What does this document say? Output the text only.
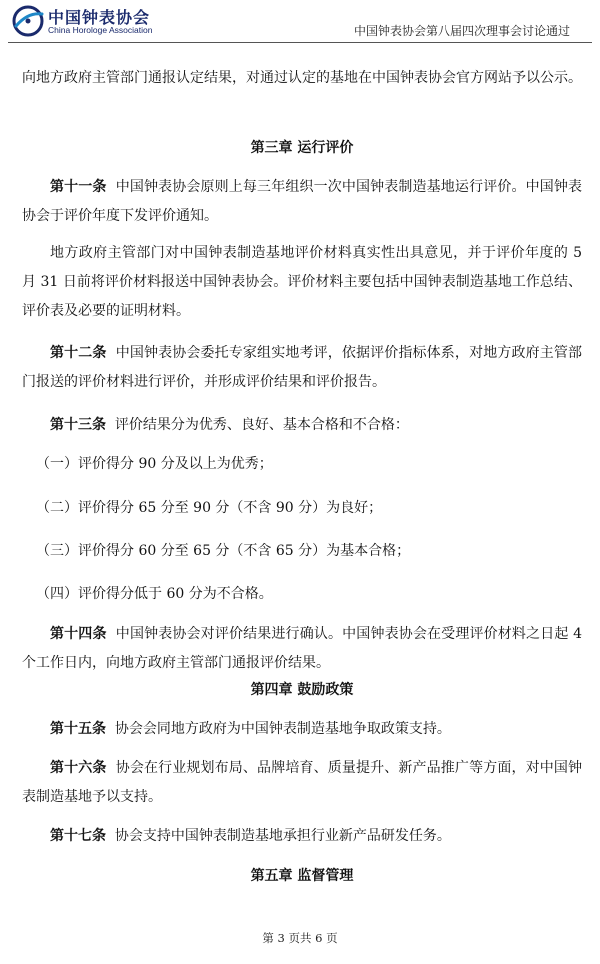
中国钟表协会
China Horologe Association	中国钟表协会第八届四次理事会讨论通过

向地方政府主管部门通报认定结果，对通过认定的基地在中国钟表协会官方网站予以公示。

第三章 运行评价

第十一条 中国钟表协会原则上每三年组织一次中国钟表制造基地运行评价。中国钟表协会于评价年度下发评价通知。

地方政府主管部门对中国钟表制造基地评价材料真实性出具意见，并于评价年度的 5 月 31 日前将评价材料报送中国钟表协会。评价材料主要包括中国钟表制造基地工作总结、评价表及必要的证明材料。

第十二条 中国钟表协会委托专家组实地考评，依据评价指标体系，对地方政府主管部门报送的评价材料进行评价，并形成评价结果和评价报告。

第十三条 评价结果分为优秀、良好、基本合格和不合格：

（一）评价得分 90 分及以上为优秀；

（二）评价得分 65 分至 90 分（不含 90 分）为良好；

（三）评价得分 60 分至 65 分（不含 65 分）为基本合格；

（四）评价得分低于 60 分为不合格。

第十四条 中国钟表协会对评价结果进行确认。中国钟表协会在受理评价材料之日起 4 个工作日内，向地方政府主管部门通报评价结果。

第四章 鼓励政策

第十五条 协会会同地方政府为中国钟表制造基地争取政策支持。

第十六条 协会在行业规划布局、品牌培育、质量提升、新产品推广等方面，对中国钟表制造基地予以支持。

第十七条 协会支持中国钟表制造基地承担行业新产品研发任务。

第五章 监督管理
第 3 页共 6 页
